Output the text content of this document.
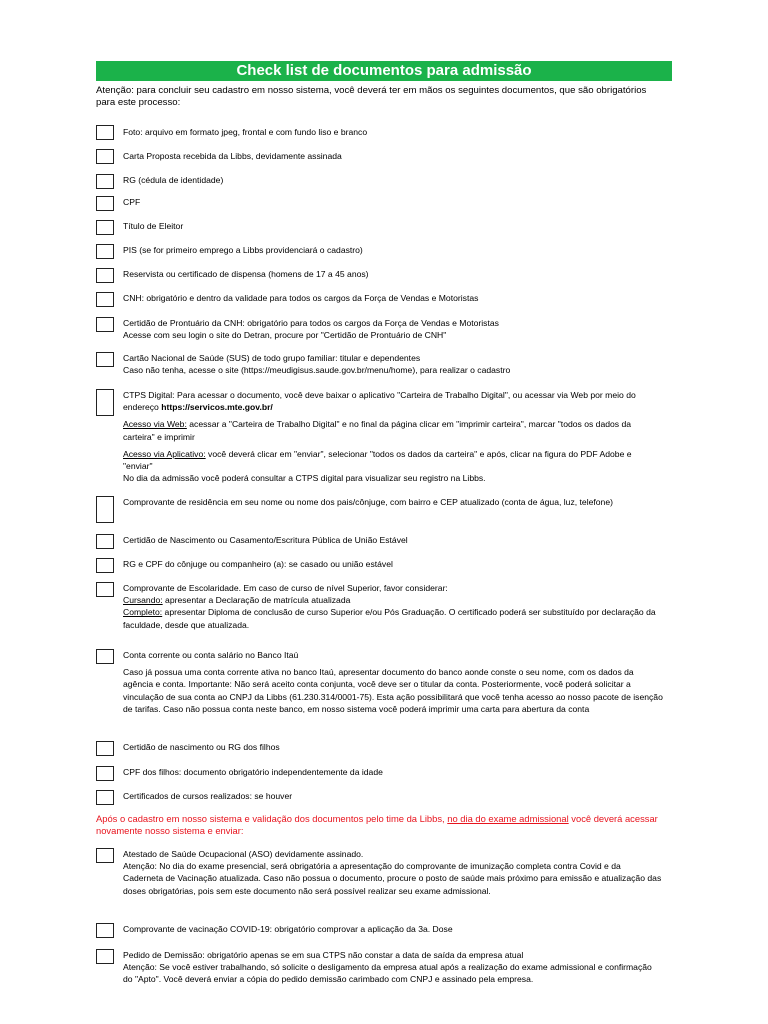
Check list de documentos para admissão
Atenção: para concluir seu cadastro em nosso sistema, você deverá ter em mãos os seguintes documentos, que são obrigatórios para este processo:

Foto: arquivo em formato jpeg, frontal e com fundo liso e branco

Carta Proposta recebida da Libbs, devidamente assinada

RG (cédula de identidade)

CPF

Título de Eleitor

PIS (se for primeiro emprego a Libbs providenciará o cadastro)

Reservista ou certificado de dispensa (homens de 17 a 45 anos)

CNH: obrigatório e dentro da validade para todos os cargos da Força de Vendas e Motoristas

Certidão de Prontuário da CNH: obrigatório para todos os cargos da Força de Vendas e Motoristas

Acesse com seu login o site do Detran, procure por "Certidão de Prontuário de CNH"

Cartão Nacional de Saúde (SUS) de todo grupo familiar: titular e dependentes

Caso não tenha, acesse o site (https://meudigisus.saude.gov.br/menu/home), para realizar o cadastro

CTPS Digital: Para acessar o documento, você deve baixar o aplicativo "Carteira de Trabalho Digital", ou acessar via Web por meio do endereço https://servicos.mte.gov.br/

Acesso via Web: acessar a "Carteira de Trabalho Digital" e no final da página clicar em "imprimir carteira", marcar "todos os dados da carteira" e imprimir

Acesso via Aplicativo: você deverá clicar em "enviar", selecionar "todos os dados da carteira" e após, clicar na figura do PDF Adobe e "enviar"

No dia da admissão você poderá consultar a CTPS digital para visualizar seu registro na Libbs.

Comprovante de residência em seu nome ou nome dos pais/cônjuge, com bairro e CEP atualizado (conta de água, luz, telefone)

Certidão de Nascimento ou Casamento/Escritura Pública de União Estável

RG e CPF do cônjuge ou companheiro (a): se casado ou união estável

Comprovante de Escolaridade. Em caso de curso de nível Superior, favor considerar:

Cursando: apresentar a Declaração de matrícula atualizada

Completo: apresentar Diploma de conclusão de curso Superior e/ou Pós Graduação. O certificado poderá ser substituído por declaração da faculdade, desde que atualizada.

Conta corrente ou conta salário no Banco Itaú

Caso já possua uma conta corrente ativa no banco Itaú, apresentar documento do banco aonde conste o seu nome, com os dados da agência e conta. Importante: Não será aceito conta conjunta, você deve ser o titular da conta. Posteriormente, você poderá solicitar a vinculação de sua conta ao CNPJ da Libbs (61.230.314/0001-75). Esta ação possibilitará que você tenha acesso ao nosso pacote de isenção de tarifas. Caso não possua conta neste banco, em nosso sistema você poderá imprimir uma carta para abertura da conta

Certidão de nascimento ou RG dos filhos

CPF dos filhos: documento obrigatório independentemente da idade

Certificados de cursos realizados: se houver

Após o cadastro em nosso sistema e validação dos documentos pelo time da Libbs, no dia do exame admissional você deverá acessar novamente nosso sistema e enviar:

Atestado de Saúde Ocupacional (ASO) devidamente assinado.

Atenção: No dia do exame presencial, será obrigatória a apresentação do comprovante de imunização completa contra Covid e da Caderneta de Vacinação atualizada. Caso não possua o documento, procure o posto de saúde mais próximo para emissão e atualização das doses obrigatórias, pois sem este documento não será possível realizar seu exame admissional.

Comprovante de vacinação COVID-19: obrigatório comprovar a aplicação da 3a. Dose

Pedido de Demissão: obrigatório apenas se em sua CTPS não constar a data de saída da empresa atual

Atenção: Se você estiver trabalhando, só solicite o desligamento da empresa atual após a realização do exame admissional e confirmação do "Apto". Você deverá enviar a cópia do pedido demissão carimbado com CNPJ e assinado pela empresa.
